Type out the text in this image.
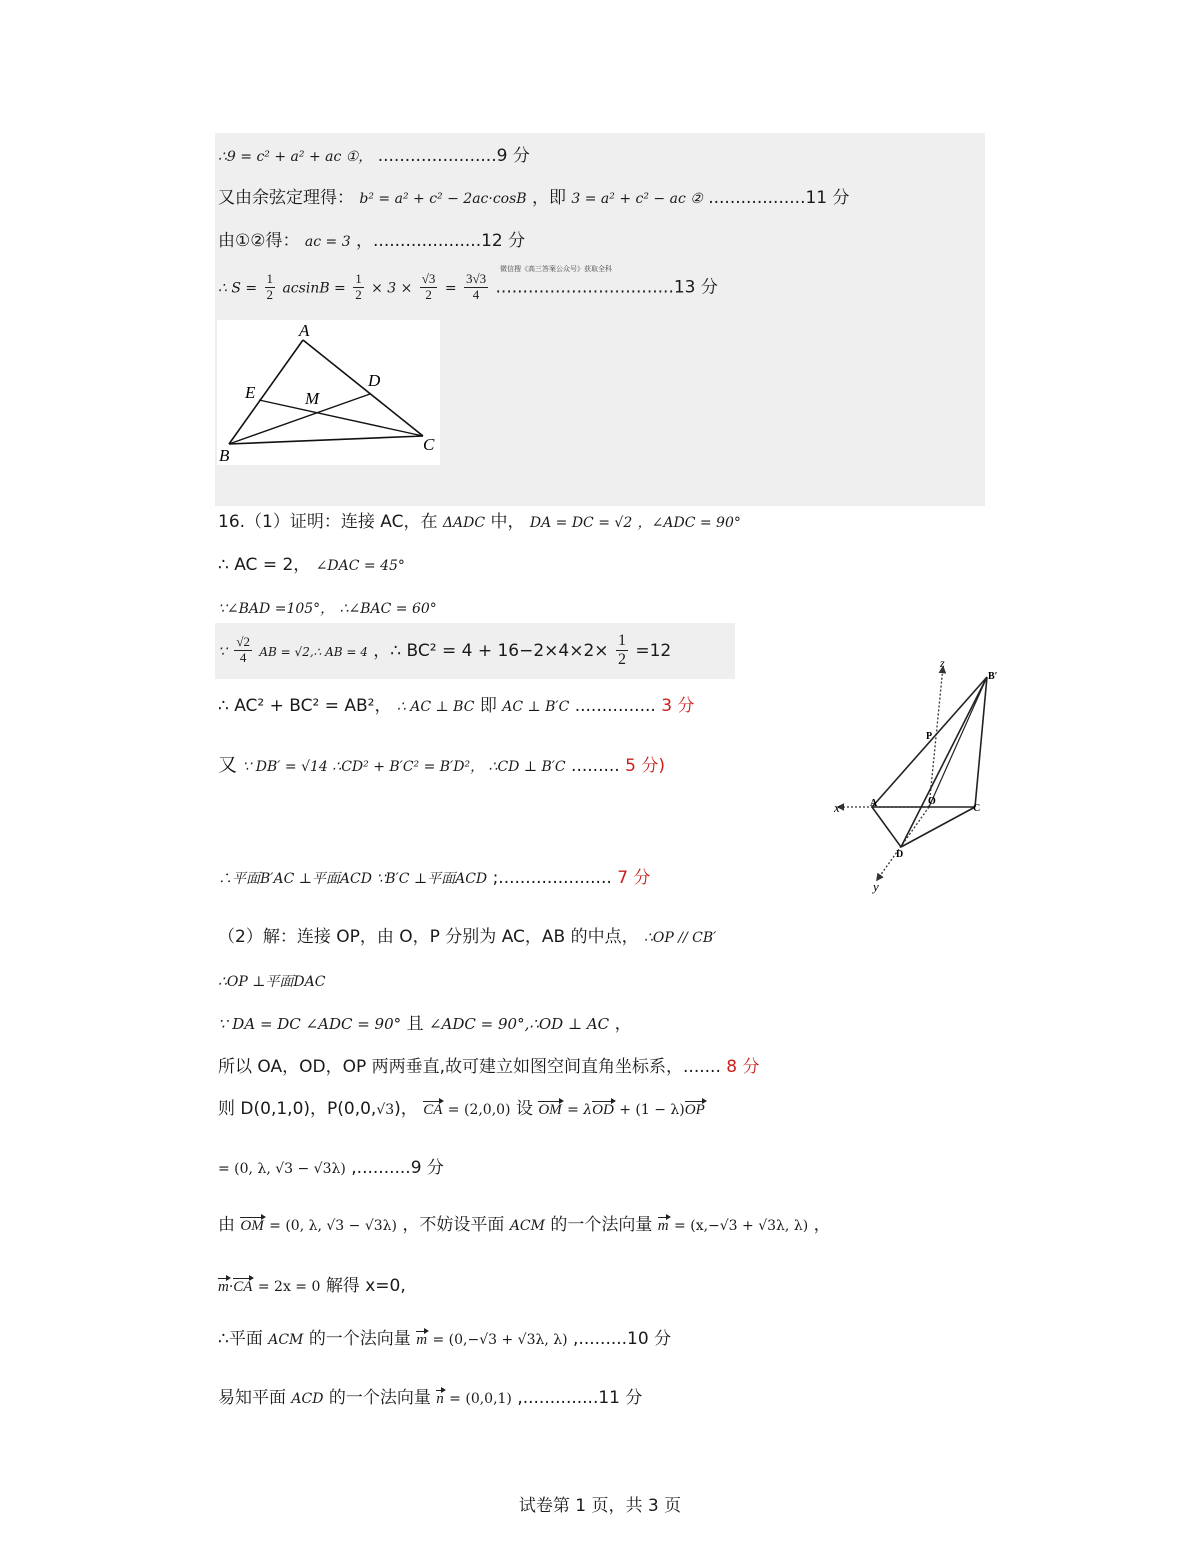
∴9 = c² + a² + ac ①， ......................9 分
又由余弦定理得： b² = a² + c² − 2ac·cosB ，即 3 = a² + c² − ac ② ..................11 分
由①②得： ac = 3 ，....................12 分
微信搜《高三答案公众号》获取全科
∴ $S = \frac{1}{2}$ $acsinB = \frac{1}{2} \times 3 \times \frac{√3}{2} = \frac{3√3}{4} .................................13$ 分
A
B
C
D
E	M
16.（1）证明：连接 AC，在 ΔADC 中， DA = DC = √2 ，∠ADC = 90°
∴ AC = 2， ∠DAC = 45°
∵∠BAD =105°， ∴∠BAC = 60°
∵ $\frac{√2}{4}$ AB = √2,∴ AB = 4 ，∴ $BC^2 = 4 + 16-2\times 4\times 2\times \frac{1}{2} =12$
∴ AC² + BC² = AB²， ∴ AC ⊥ BC 即 AC ⊥ B′C ............... 3 分
又 ∵ DB′ = √14 ∴CD² + B′C² = B′D²， ∴CD ⊥ B′C ......... 5 分)
∴平面B′AC ⊥平面ACD ∵B′C ⊥平面ACD ;..................... 7 分
z
B′
P
O
A	C
D
x
y
（2）解：连接 OP，由 O，P 分别为 AC，AB 的中点， ∴OP // CB′
∴OP ⊥平面DAC
∵ DA = DC ∠ADC = 90° 且 ∠ADC = 90°,∴OD ⊥ AC ，
所以 OA，OD，OP 两两垂直,故可建立如图空间直角坐标系，....... 8 分
则 D(0,1,0)，P(0,0,√3)， CA = (2,0,0) 设 OM = λOD + (1 − λ)OP
= (0, λ, √3 − √3λ) ,..........9 分
由 OM = (0, λ, √3 − √3λ) ，不妨设平面 ACM 的一个法向量 m = (x,−√3 + √3λ, λ) ，
m·CA = 2x = 0 解得 x=0,
∴平面 ACM 的一个法向量 m = (0,−√3 + √3λ, λ) ,.........10 分
易知平面 ACD 的一个法向量 n = (0,0,1) ,..............11 分
试卷第 1 页，共 3 页
